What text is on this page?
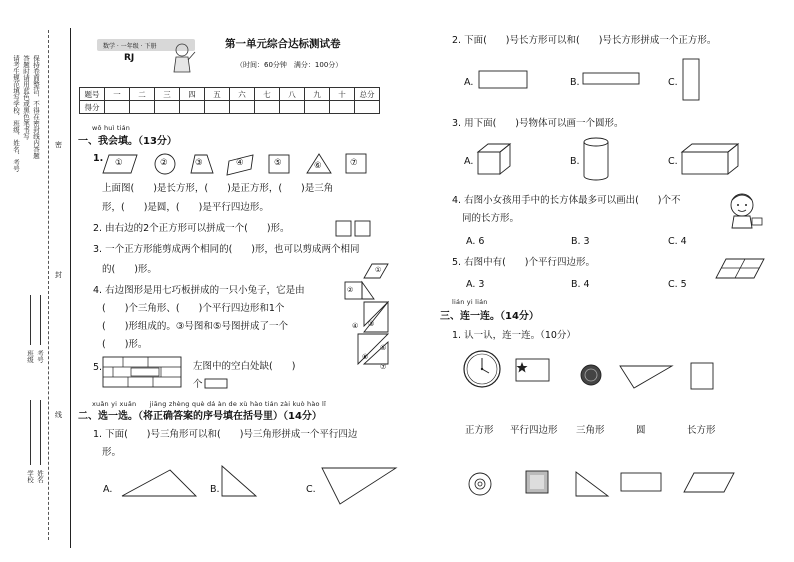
请考生规范填写学校、班级、姓名、考号 答题时请用蓝色或黑色笔书写 保持卷面整洁，不得在密封线内答题 密
封
线
学校 姓名
班级 考号
数学 · 一年级 · 下册
RJ
第一单元综合达标测试卷
（时间：60分钟　满分：100分）
题号	一	二	三	四	五	六	七	八	九	十	总分
得分											
wǒ huì tián
一、我会填。（13分）
1. ①	②	③	④	⑤	⑥	⑦
上面图(　　)是长方形，(　　)是正方形，(　　)是三角
形，(　　)是圆，(　　)是平行四边形。
2. 由右边的2个正方形可以拼成一个(　　)形。
3. 一个正方形能剪成两个相同的(　　)形，也可以剪成两个相同
的(　　)形。
4. 右边图形是用七巧板拼成的一只小兔子，它是由
(　　)个三角形、(　　)个平行四边形和1个
(　　)形组成的。③号图和⑤号图拼成了一个
(　　)形。
①
②
③
④
⑤
⑥
⑦
5.	左图中的空白处缺(　　)
个
xuǎn yi xuǎn　　jiāng zhèng què dá àn de xù hào tián zài kuò hào lǐ
二、选一选。（将正确答案的序号填在括号里）（14分）
1. 下面(　　)号三角形可以和(　　)号三角形拼成一个平行四边
形。
A.	B.	C.
2. 下面(　　)号长方形可以和(　　)号长方形拼成一个正方形。
A.	B.	C.
3. 用下面(　　)号物体可以画一个圆形。
A.	B.	C.
4. 右图小女孩用手中的长方体最多可以画出(　　)个不
同的长方形。
A. 6	B. 3	C. 4
5. 右图中有(　　)个平行四边形。
A. 3	B. 4	C. 5
lián yi lián
三、连一连。（14分）
1. 认一认，连一连。（10分）
正方形 平行四边形 三角形	圆	长方形
